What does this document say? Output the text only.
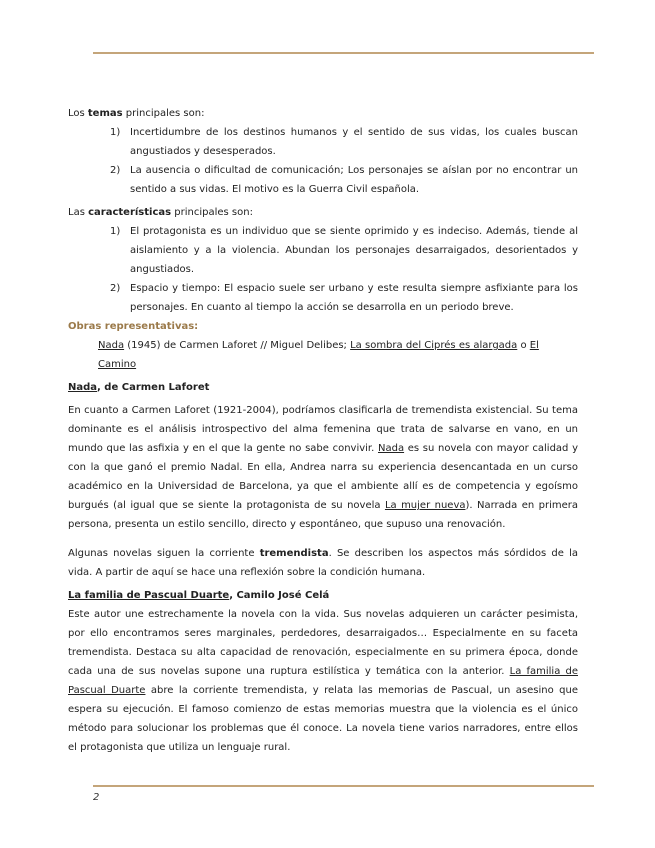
Los temas principales son:

1) Incertidumbre de los destinos humanos y el sentido de sus vidas, los cuales buscan angustiados y desesperados.
2) La ausencia o dificultad de comunicación; Los personajes se aíslan por no encontrar un sentido a sus vidas. El motivo es la Guerra Civil española.

Las características principales son:

1) El protagonista es un individuo que se siente oprimido y es indeciso. Además, tiende al aislamiento y a la violencia. Abundan los personajes desarraigados, desorientados y angustiados.
2) Espacio y tiempo: El espacio suele ser urbano y este resulta siempre asfixiante para los personajes. En cuanto al tiempo la acción se desarrolla en un periodo breve.

Obras representativas:

Nada (1945) de Carmen Laforet // Miguel Delibes; La sombra del Ciprés es alargada o El Camino

Nada, de Carmen Laforet

En cuanto a Carmen Laforet (1921-2004), podríamos clasificarla de tremendista existencial. Su tema dominante es el análisis introspectivo del alma femenina que trata de salvarse en vano, en un mundo que las asfixia y en el que la gente no sabe convivir. Nada es su novela con mayor calidad y con la que ganó el premio Nadal. En ella, Andrea narra su experiencia desencantada en un curso académico en la Universidad de Barcelona, ya que el ambiente allí es de competencia y egoísmo burgués (al igual que se siente la protagonista de su novela La mujer nueva). Narrada en primera persona, presenta un estilo sencillo, directo y espontáneo, que supuso una renovación.

Algunas novelas siguen la corriente tremendista. Se describen los aspectos más sórdidos de la vida. A partir de aquí se hace una reflexión sobre la condición humana.

La familia de Pascual Duarte, Camilo José Celá

Este autor une estrechamente la novela con la vida. Sus novelas adquieren un carácter pesimista, por ello encontramos seres marginales, perdedores, desarraigados… Especialmente en su faceta tremendista. Destaca su alta capacidad de renovación, especialmente en su primera época, donde cada una de sus novelas supone una ruptura estilística y temática con la anterior. La familia de Pascual Duarte abre la corriente tremendista, y relata las memorias de Pascual, un asesino que espera su ejecución. El famoso comienzo de estas memorias muestra que la violencia es el único método para solucionar los problemas que él conoce. La novela tiene varios narradores, entre ellos el protagonista que utiliza un lenguaje rural.

2
